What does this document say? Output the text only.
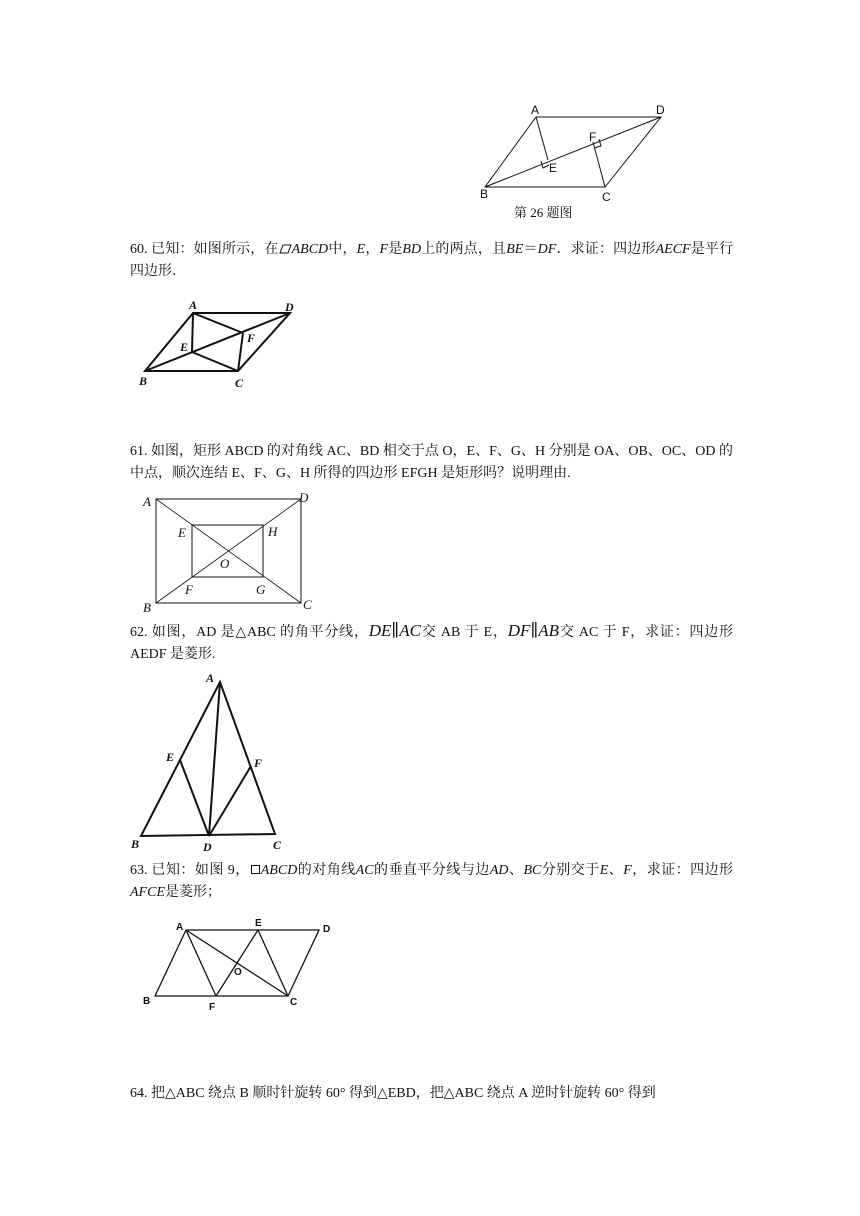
A	D
F
E
B	C
第 26 题图

60. 已知：如图所示，在 ABCD中，E，F是BD上的两点，且BE＝DF．求证：四边形AECF是平行四边形．

A	D
E
F
B	C

61. 如图，矩形 ABCD 的对角线 AC、BD 相交于点 O，E、F、G、H 分别是 OA、OB、OC、OD 的中点，顺次连结 E、F、G、H 所得的四边形 EFGH 是矩形吗？说明理由.

A	D
E	H
O
F	G
B	C

62. 如图，AD 是△ABC 的角平分线，DE∥AC交 AB 于 E，DF∥AB交 AC 于 F，求证：四边形 AEDF 是菱形.

A
E	F
B	D	C

63. 已知：如图 9， ABCD的对角线AC的垂直平分线与边AD、BC分别交于E、F，求证：四边形AFCE是菱形；

A	E
D
O
B
F	C

64. 把△ABC 绕点 B 顺时针旋转 60° 得到△EBD，把△ABC 绕点 A 逆时针旋转 60° 得到
